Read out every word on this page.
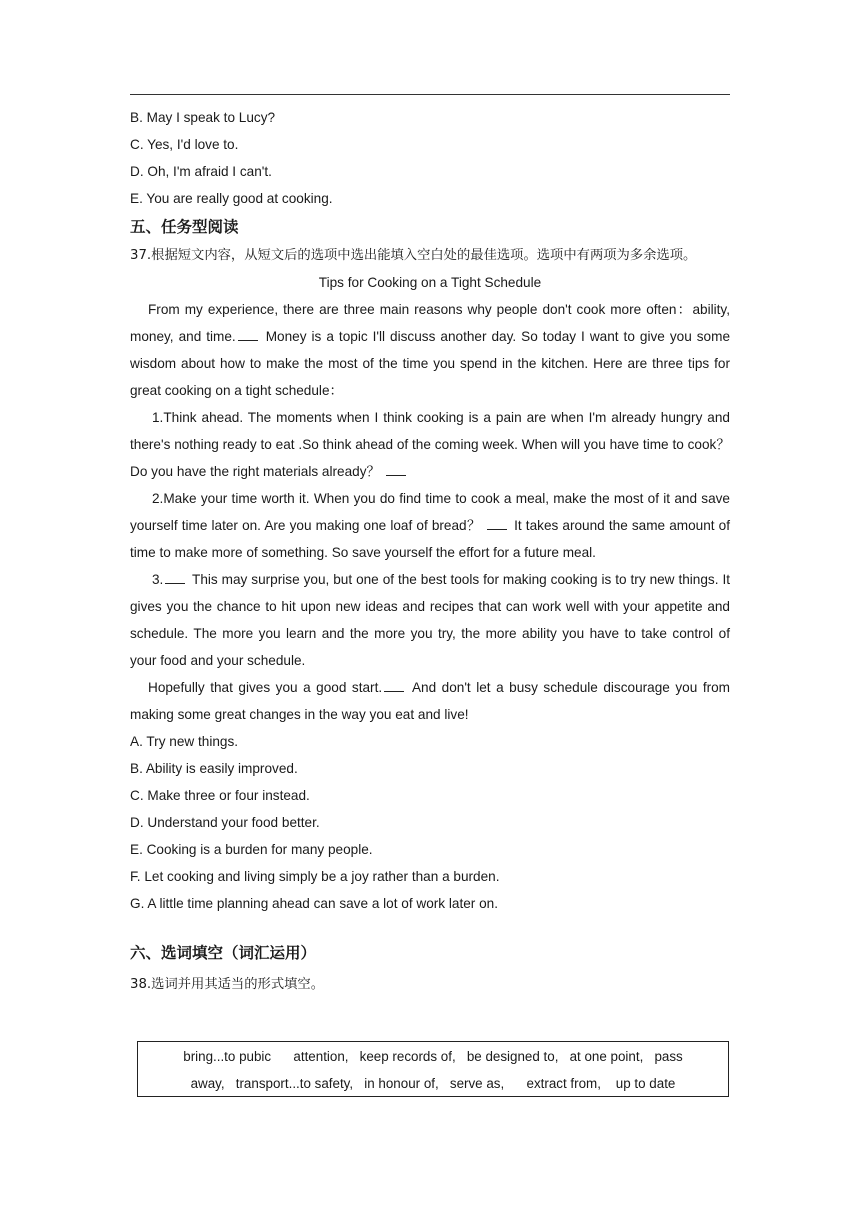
B. May I speak to Lucy?
C. Yes, I'd love to.
D. Oh, I'm afraid I can't.
E. You are really good at cooking.
五、任务型阅读
37.根据短文内容，从短文后的选项中选出能填入空白处的最佳选项。选项中有两项为多余选项。
Tips for Cooking on a Tight Schedule
From my experience, there are three main reasons why people don't cook more often：ability, money, and time. Money is a topic I'll discuss another day. So today I want to give you some wisdom about how to make the most of the time you spend in the kitchen. Here are three tips for great cooking on a tight schedule：
1.Think ahead. The moments when I think cooking is a pain are when I'm already hungry and there's nothing ready to eat .So think ahead of the coming week. When will you have time to cook？ Do you have the right materials already？
2.Make your time worth it. When you do find time to cook a meal, make the most of it and save yourself time later on. Are you making one loaf of bread？ It takes around the same amount of time to make more of something. So save yourself the effort for a future meal.
3. This may surprise you, but one of the best tools for making cooking is to try new things. It gives you the chance to hit upon new ideas and recipes that can work well with your appetite and schedule. The more you learn and the more you try, the more ability you have to take control of your food and your schedule.
Hopefully that gives you a good start. And don't let a busy schedule discourage you from making some great changes in the way you eat and live!
A. Try new things.
B. Ability is easily improved.
C. Make three or four instead.
D. Understand your food better.
E. Cooking is a burden for many people.
F. Let cooking and living simply be a joy rather than a burden.
G. A little time planning ahead can save a lot of work later on.
六、选词填空（词汇运用）
38.选词并用其适当的形式填空。
bring...to pubic      attention,   keep records of,   be designed to,   at one point,   pass
away,   transport...to safety,   in honour of,   serve as,      extract from,    up to date
